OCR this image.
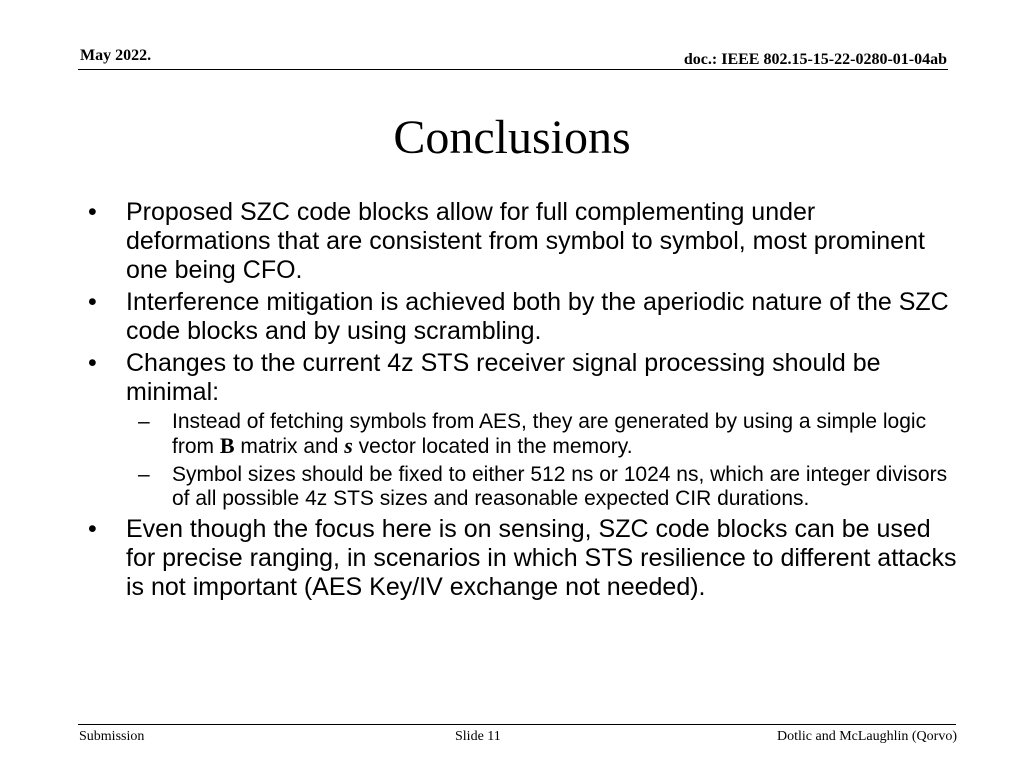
May 2022.	doc.: IEEE 802.15-15-22-0280-01-04ab
Conclusions
• Proposed SZC code blocks allow for full complementing under deformations that are consistent from symbol to symbol, most prominent one being CFO.
• Interference mitigation is achieved both by the aperiodic nature of the SZC code blocks and by using scrambling.
• Changes to the current 4z STS receiver signal processing should be minimal:
– Instead of fetching symbols from AES, they are generated by using a simple logic from B matrix and s vector located in the memory.
– Symbol sizes should be fixed to either 512 ns or 1024 ns, which are integer divisors of all possible 4z STS sizes and reasonable expected CIR durations.
• Even though the focus here is on sensing, SZC code blocks can be used for precise ranging, in scenarios in which STS resilience to different attacks is not important (AES Key/IV exchange not needed).
Submission	Slide 11	Dotlic and McLaughlin (Qorvo)
